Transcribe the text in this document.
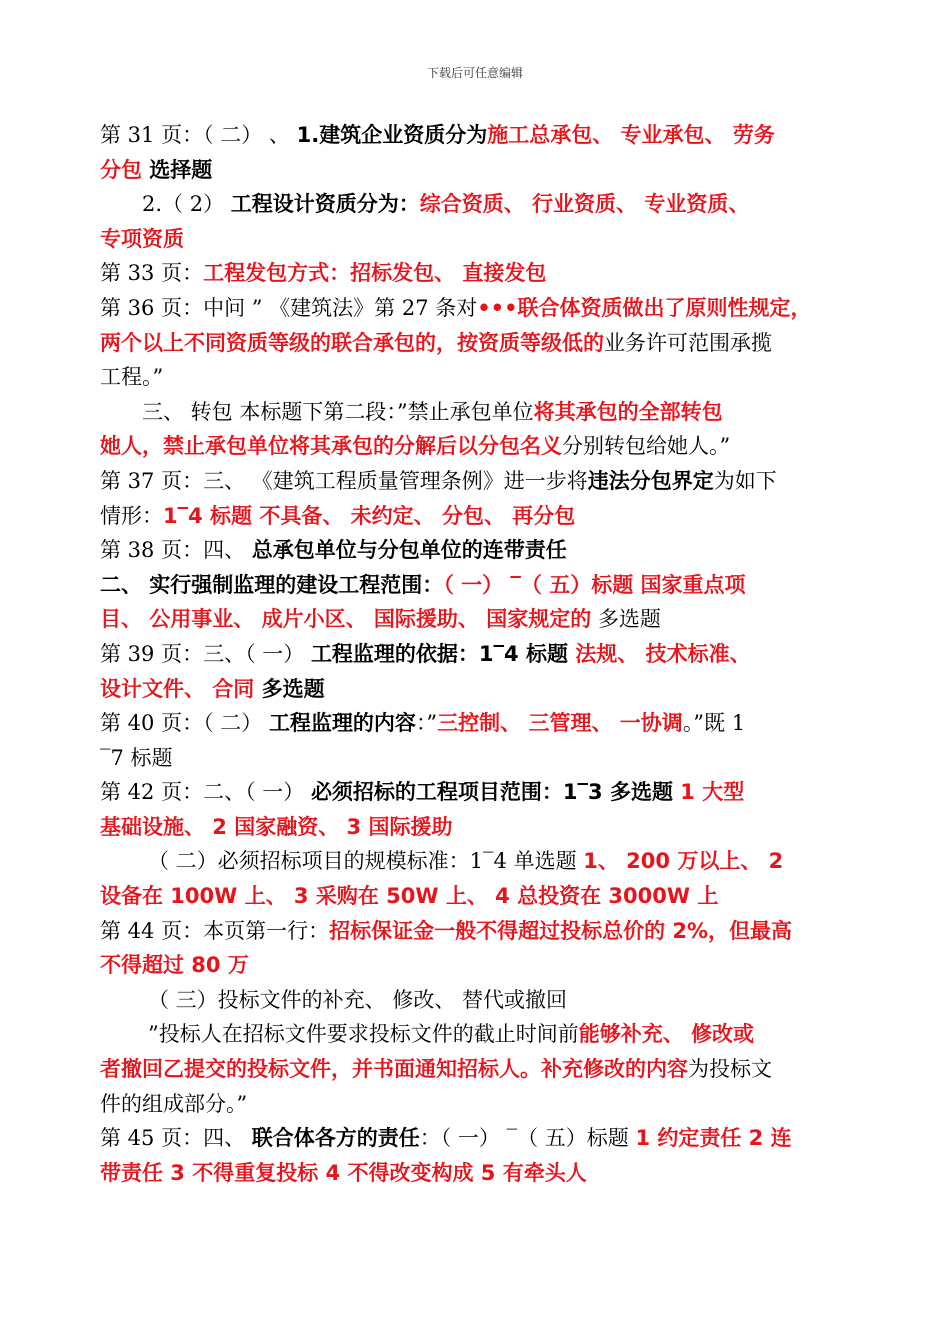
下载后可任意编辑
第 31 页：（ 二） 、 1.建筑企业资质分为施工总承包、 专业承包、 劳务
分包 选择题
2.（ 2） 工程设计资质分为：综合资质、 行业资质、 专业资质、
专项资质
第 33 页：工程发包方式：招标发包、 直接发包
第 36 页：中问 ” 《建筑法》第 27 条对•••联合体资质做出了原则性规定，
两个以上不同资质等级的联合承包的，按资质等级低的业务许可范围承揽
工程。”
三、 转包 本标题下第二段：”禁止承包单位将其承包的全部转包
她人，禁止承包单位将其承包的分解后以分包名义分别转包给她人。”
第 37 页：三、 《建筑工程质量管理条例》进一步将违法分包界定为如下
情形：1‾4 标题 不具备、 未约定、 分包、 再分包
第 38 页：四、 总承包单位与分包单位的连带责任
二、 实行强制监理的建设工程范围：（ 一） ‾（ 五）标题 国家重点项
目、 公用事业、 成片小区、 国际援助、 国家规定的 多选题
第 39 页：三、（ 一） 工程监理的依据：1‾4 标题 法规、 技术标准、
设计文件、 合同 多选题
第 40 页：（ 二） 工程监理的内容：”三控制、 三管理、 一协调。”既 1
‾7 标题
第 42 页：二、（ 一） 必须招标的工程项目范围：1‾3 多选题 1 大型
基础设施、 2 国家融资、 3 国际援助
（ 二）必须招标项目的规模标准：1‾4 单选题 1、 200 万以上、 2
设备在 100W 上、 3 采购在 50W 上、 4 总投资在 3000W 上
第 44 页：本页第一行：招标保证金一般不得超过投标总价的 2%，但最高
不得超过 80 万
（ 三）投标文件的补充、 修改、 替代或撤回
”投标人在招标文件要求投标文件的截止时间前能够补充、 修改或
者撤回乙提交的投标文件，并书面通知招标人。补充修改的内容为投标文
件的组成部分。”
第 45 页：四、 联合体各方的责任：（ 一） ‾（ 五）标题 1 约定责任 2 连
带责任 3 不得重复投标 4 不得改变构成 5 有牵头人
